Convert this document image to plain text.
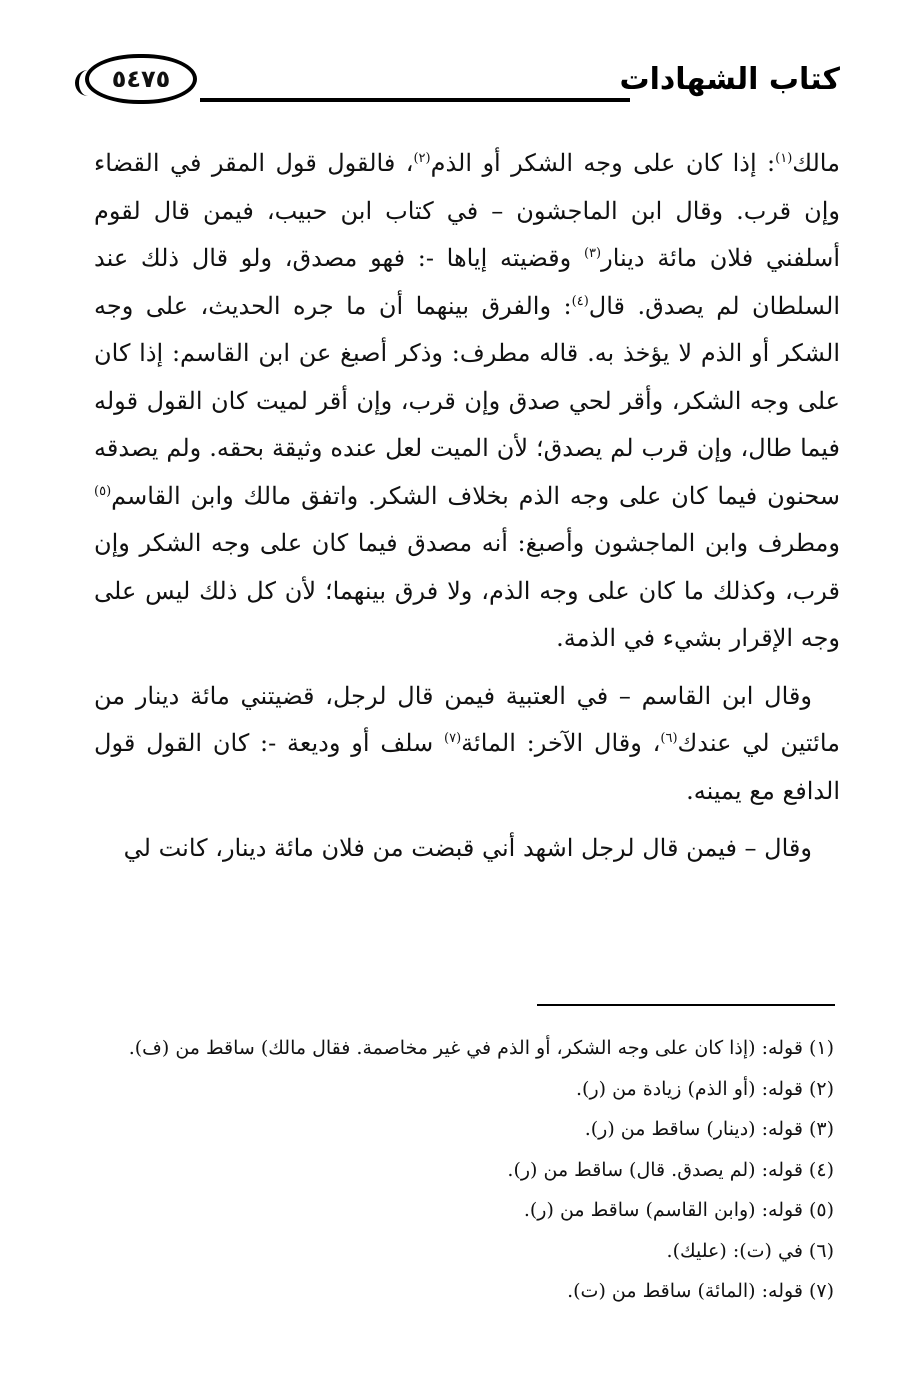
كتاب الشهادات
٥٤٧٥

مالك$^{(١)}$: إذا كان على وجه الشكر أو الذم$^{(٢)}$، فالقول قول المقر في القضاء وإن قرب. وقال ابن الماجشون – في كتاب ابن حبيب، فيمن قال لقوم أسلفني فلان مائة دينار$^{(٣)}$ وقضيته إياها -: فهو مصدق، ولو قال ذلك عند السلطان لم يصدق. قال$^{(٤)}$: والفرق بينهما أن ما جره الحديث، على وجه الشكر أو الذم لا يؤخذ به. قاله مطرف: وذكر أصبغ عن ابن القاسم: إذا كان على وجه الشكر، وأقر لحي صدق وإن قرب، وإن أقر لميت كان القول قوله فيما طال، وإن قرب لم يصدق؛ لأن الميت لعل عنده وثيقة بحقه. ولم يصدقه سحنون فيما كان على وجه الذم بخلاف الشكر. واتفق مالك وابن القاسم$^{(٥)}$ ومطرف وابن الماجشون وأصبغ: أنه مصدق فيما كان على وجه الشكر وإن قرب، وكذلك ما كان على وجه الذم، ولا فرق بينهما؛ لأن كل ذلك ليس على وجه الإقرار بشيء في الذمة.

وقال ابن القاسم – في العتبية فيمن قال لرجل، قضيتني مائة دينار من مائتين لي عندك$^{(٦)}$، وقال الآخر: المائة$^{(٧)}$ سلف أو وديعة -: كان القول قول الدافع مع يمينه.

وقال – فيمن قال لرجل اشهد أني قبضت من فلان مائة دينار، كانت لي

(١) قوله: (إذا كان على وجه الشكر، أو الذم في غير مخاصمة. فقال مالك) ساقط من (ف).
(٢) قوله: (أو الذم) زيادة من (ر).
(٣) قوله: (دينار) ساقط من (ر).
(٤) قوله: (لم يصدق. قال) ساقط من (ر).
(٥) قوله: (وابن القاسم) ساقط من (ر).
(٦) في (ت): (عليك).
(٧) قوله: (المائة) ساقط من (ت).
